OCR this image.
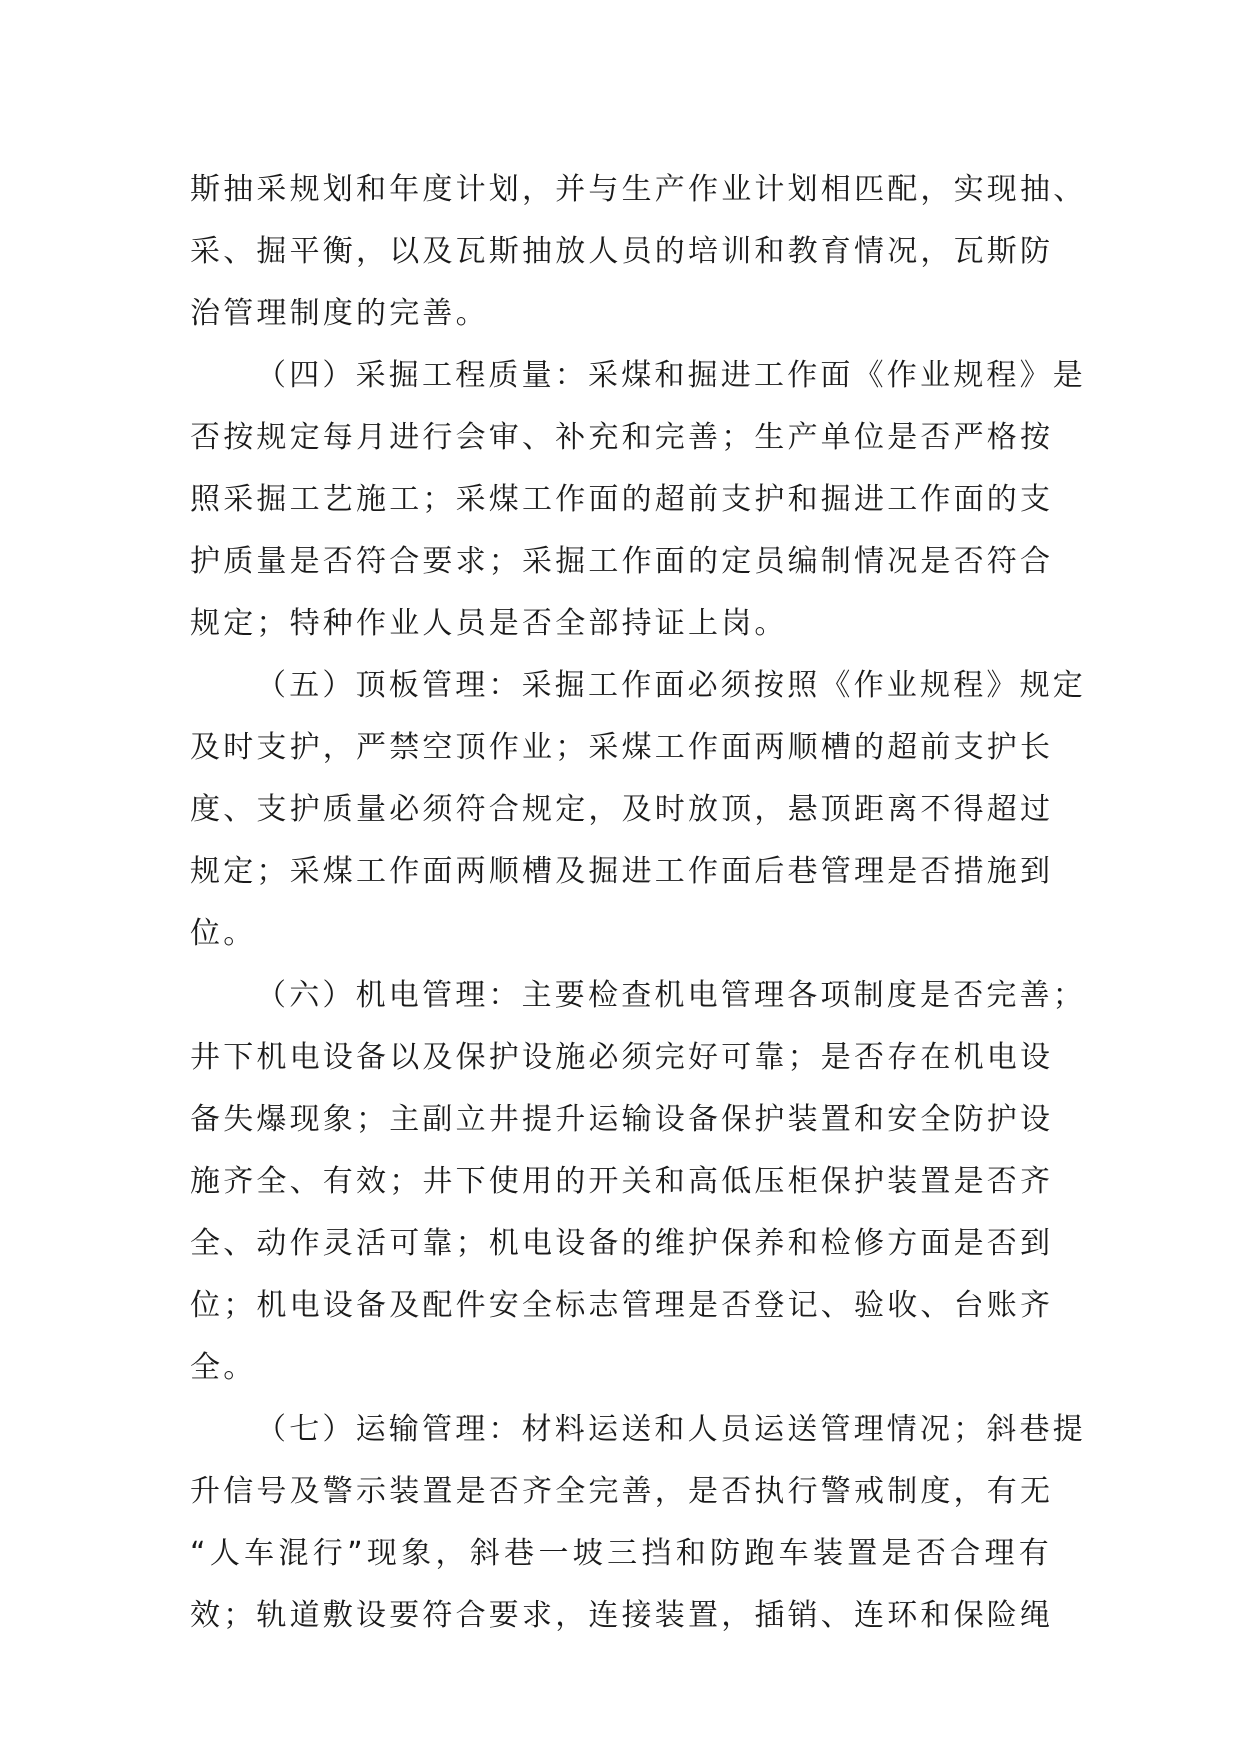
斯抽采规划和年度计划，并与生产作业计划相匹配，实现抽、
采、掘平衡，以及瓦斯抽放人员的培训和教育情况，瓦斯防
治管理制度的完善。
（四）采掘工程质量：采煤和掘进工作面《作业规程》是
否按规定每月进行会审、补充和完善；生产单位是否严格按
照采掘工艺施工；采煤工作面的超前支护和掘进工作面的支
护质量是否符合要求；采掘工作面的定员编制情况是否符合
规定；特种作业人员是否全部持证上岗。
（五）顶板管理：采掘工作面必须按照《作业规程》规定
及时支护，严禁空顶作业；采煤工作面两顺槽的超前支护长
度、支护质量必须符合规定，及时放顶，悬顶距离不得超过
规定；采煤工作面两顺槽及掘进工作面后巷管理是否措施到
位。
（六）机电管理：主要检查机电管理各项制度是否完善；
井下机电设备以及保护设施必须完好可靠；是否存在机电设
备失爆现象；主副立井提升运输设备保护装置和安全防护设
施齐全、有效；井下使用的开关和高低压柜保护装置是否齐
全、动作灵活可靠；机电设备的维护保养和检修方面是否到
位；机电设备及配件安全标志管理是否登记、验收、台账齐
全。
（七）运输管理：材料运送和人员运送管理情况；斜巷提
升信号及警示装置是否齐全完善，是否执行警戒制度，有无
“人车混行”现象，斜巷一坡三挡和防跑车装置是否合理有
效；轨道敷设要符合要求，连接装置，插销、连环和保险绳
